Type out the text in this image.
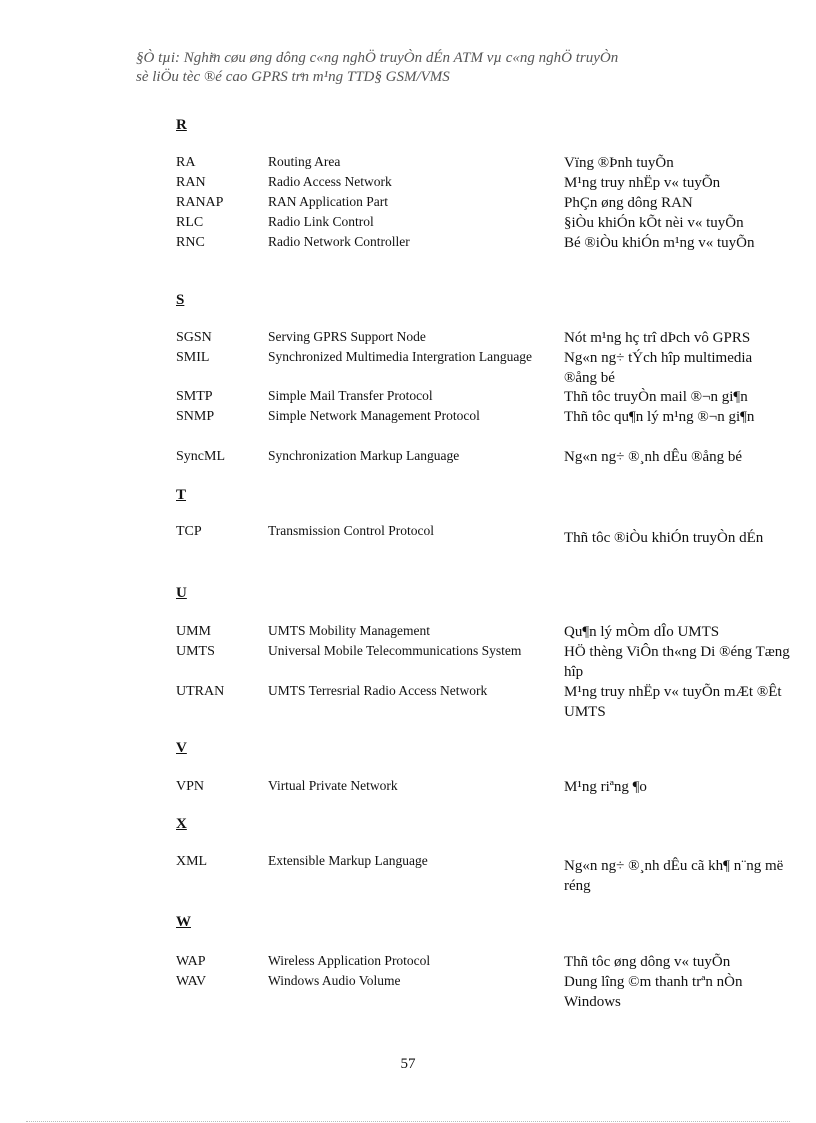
§Ò tµi: Nghiͤn cøu øng dông c«ng nghÖ truyÒn dÉn ATM vµ c«ng nghÖ truyÒn
sè liÖu tèc ®é cao GPRS trͤn m¹ng TTD§ GSM/VMS
R
RA	Routing Area	Vïng ®Þnh tuyÕn
RAN	Radio Access Network	M¹ng truy nhËp v« tuyÕn
RANAP	RAN Application Part	PhÇn øng dông RAN
RLC	Radio Link Control	§iÒu khiÓn kÕt nèi v« tuyÕn
RNC	Radio Network Controller	Bé ®iÒu khiÓn m¹ng v« tuyÕn
S
SGSN	Serving GPRS Support Node	Nót m¹ng hç trî dÞch vô GPRS
SMIL	Synchronized Multimedia Intergration Language	Ng«n ng÷ tÝch hîp multimedia ®ång bé
SMTP	Simple Mail Transfer Protocol	Thñ tôc truyÒn mail ®¬n gi¶n
SNMP	Simple Network Management Protocol	Thñ tôc qu¶n lý m¹ng ®¬n gi¶n
SyncML	Synchronization Markup Language	Ng«n ng÷ ®¸nh dÊu ®ång bé
T
TCP	Transmission Control Protocol	Thñ tôc ®iÒu khiÓn truyÒn dÉn
U
UMM	UMTS Mobility Management	Qu¶n lý mÒm dÎo UMTS
UMTS	Universal Mobile Telecommunications System	HÖ thèng ViÔn th«ng Di ®éng Tæng hîp
UTRAN	UMTS Terresrial Radio Access Network	M¹ng truy nhËp v« tuyÕn mÆt ®Êt UMTS
V
VPN	Virtual Private Network	M¹ng riªng ¶o
X
XML	Extensible Markup Language	Ng«n ng÷ ®¸nh dÊu cã kh¶ n¨ng më réng
W
WAP	Wireless Application Protocol	Thñ tôc øng dông v« tuyÕn
WAV	Windows Audio Volume	Dung lîng ©m thanh trªn nÒn Windows
57
